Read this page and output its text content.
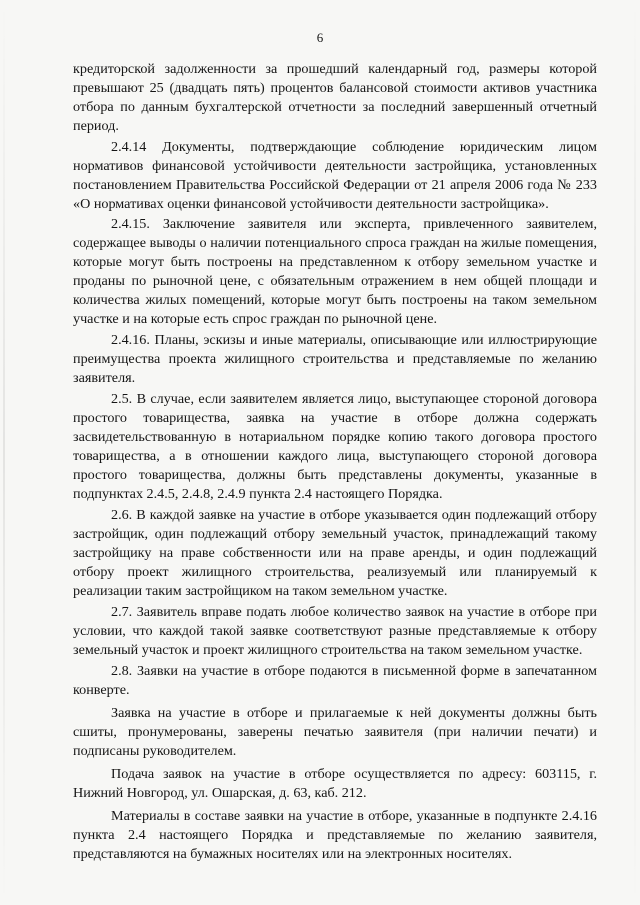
6

кредиторской задолженности за прошедший календарный год, размеры которой превышают 25 (двадцать пять) процентов балансовой стоимости активов участника отбора по данным бухгалтерской отчетности за последний завершенный отчетный период.

2.4.14 Документы, подтверждающие соблюдение юридическим лицом нормативов финансовой устойчивости деятельности застройщика, установленных постановлением Правительства Российской Федерации от 21 апреля 2006 года № 233 «О нормативах оценки финансовой устойчивости деятельности застройщика».

2.4.15. Заключение заявителя или эксперта, привлеченного заявителем, содержащее выводы о наличии потенциального спроса граждан на жилые помещения, которые могут быть построены на представленном к отбору земельном участке и проданы по рыночной цене, с обязательным отражением в нем общей площади и количества жилых помещений, которые могут быть построены на таком земельном участке и на которые есть спрос граждан по рыночной цене.

2.4.16. Планы, эскизы и иные материалы, описывающие или иллюстрирующие преимущества проекта жилищного строительства и представляемые по желанию заявителя.

2.5. В случае, если заявителем является лицо, выступающее стороной договора простого товарищества, заявка на участие в отборе должна содержать засвидетельствованную в нотариальном порядке копию такого договора простого товарищества, а в отношении каждого лица, выступающего стороной договора простого товарищества, должны быть представлены документы, указанные в подпунктах 2.4.5, 2.4.8, 2.4.9 пункта 2.4 настоящего Порядка.

2.6. В каждой заявке на участие в отборе указывается один подлежащий отбору застройщик, один подлежащий отбору земельный участок, принадлежащий такому застройщику на праве собственности или на праве аренды, и один подлежащий отбору проект жилищного строительства, реализуемый или планируемый к реализации таким застройщиком на таком земельном участке.

2.7. Заявитель вправе подать любое количество заявок на участие в отборе при условии, что каждой такой заявке соответствуют разные представляемые к отбору земельный участок и проект жилищного строительства на таком земельном участке.

2.8. Заявки на участие в отборе подаются в письменной форме в запечатанном конверте.

Заявка на участие в отборе и прилагаемые к ней документы должны быть сшиты, пронумерованы, заверены печатью заявителя (при наличии печати) и подписаны руководителем.

Подача заявок на участие в отборе осуществляется по адресу: 603115, г. Нижний Новгород, ул. Ошарская, д. 63, каб. 212.

Материалы в составе заявки на участие в отборе, указанные в подпункте 2.4.16 пункта 2.4 настоящего Порядка и представляемые по желанию заявителя, представляются на бумажных носителях или на электронных носителях.
